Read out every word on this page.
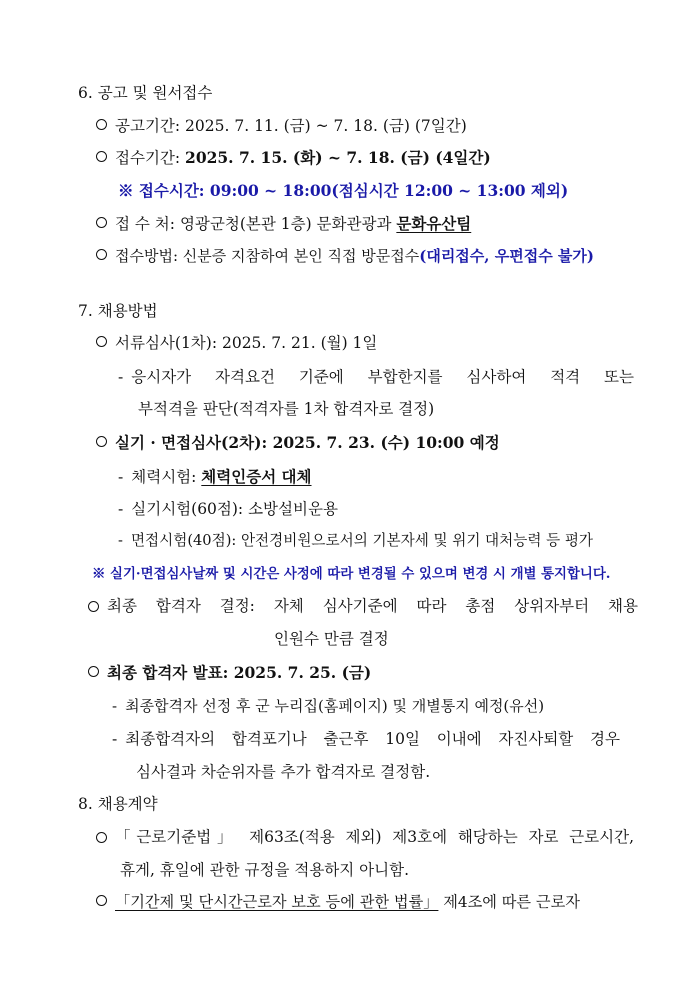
6. 공고 및 원서접수
공고기간: 2025. 7. 11. (금) ~ 7. 18. (금) (7일간)
접수기간: 2025. 7. 15. (화) ~ 7. 18. (금) (4일간)
※ 접수시간: 09:00 ~ 18:00(점심시간 12:00 ~ 13:00 제외)
접 수 처: 영광군청(본관 1층) 문화관광과 문화유산팀
접수방법: 신분증 지참하여 본인 직접 방문접수(대리접수, 우편접수 불가)
7. 채용방법
서류심사(1차): 2025. 7. 21. (월) 1일
- 응시자가 자격요건 기준에 부합한지를 심사하여 적격 또는
부적격을 판단(적격자를 1차 합격자로 결정)
실기 · 면접심사(2차): 2025. 7. 23. (수) 10:00 예정
- 체력시험: 체력인증서 대체
- 실기시험(60점): 소방설비운용
- 면접시험(40점): 안전경비원으로서의 기본자세 및 위기 대처능력 등 평가
※ 실기·면접심사날짜 및 시간은 사정에 따라 변경될 수 있으며 변경 시 개별 통지합니다.
최종 합격자 결정: 자체 심사기준에 따라 총점 상위자부터 채용
인원수 만큼 결정
최종 합격자 발표: 2025. 7. 25. (금)
- 최종합격자 선정 후 군 누리집(홈페이지) 및 개별통지 예정(유선)
- 최종합격자의 합격포기나 출근후 10일 이내에 자진사퇴할 경우
심사결과 차순위자를 추가 합격자로 결정함.
8. 채용계약
「근로기준법」 제63조(적용 제외) 제3호에 해당하는 자로 근로시간,
휴게, 휴일에 관한 규정을 적용하지 아니함.
「기간제 및 단시간근로자 보호 등에 관한 법률」 제4조에 따른 근로자
